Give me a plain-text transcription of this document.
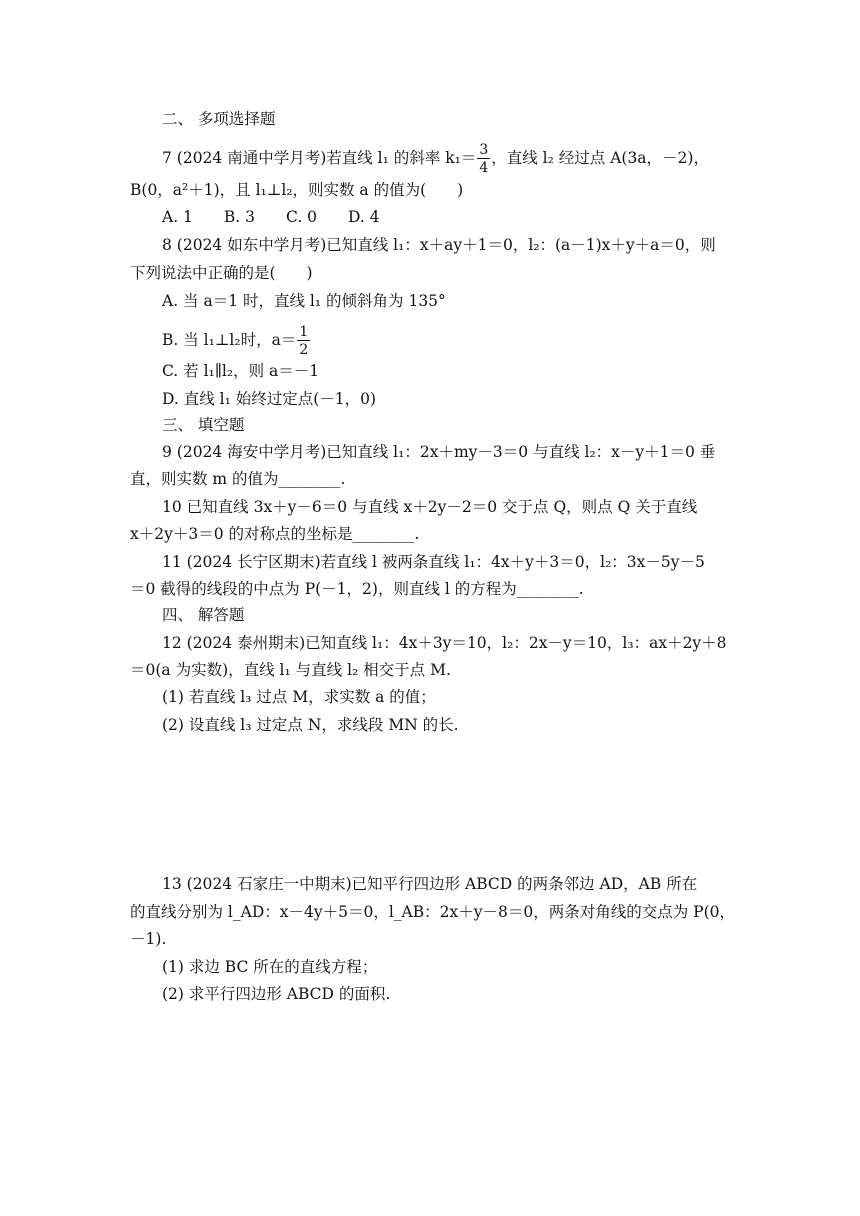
二、 多项选择题
7 (2024 南通中学月考)若直线 l₁ 的斜率 $k_1= \frac{3}{4}$ ，直线 l₂ 经过点 A(3a，－2)，
B(0，a²＋1)，且 l₁⊥l₂，则实数 a 的值为(　　)
A. 1　　B. 3　　C. 0　　D. 4
8 (2024 如东中学月考)已知直线 l₁：x＋ay＋1＝0，l₂：(a－1)x＋y＋a＝0，则
下列说法中正确的是(　　)
A. 当 a＝1 时，直线 l₁ 的倾斜角为 135°
B. 当 l₁⊥l₂时，$a= \frac{1}{2}$
C. 若 l₁∥l₂，则 a＝－1
D. 直线 l₁ 始终过定点(－1，0)
三、 填空题
9 (2024 海安中学月考)已知直线 l₁：2x＋my－3＝0 与直线 l₂：x－y＋1＝0 垂
直，则实数 m 的值为________.
10 已知直线 3x＋y－6＝0 与直线 x＋2y－2＝0 交于点 Q，则点 Q 关于直线
x＋2y＋3＝0 的对称点的坐标是________.
11 (2024 长宁区期末)若直线 l 被两条直线 l₁：4x＋y＋3＝0，l₂：3x－5y－5
＝0 截得的线段的中点为 P(－1，2)，则直线 l 的方程为________.
四、 解答题
12 (2024 泰州期末)已知直线 l₁：4x＋3y＝10，l₂：2x－y＝10，l₃：ax＋2y＋8
＝0(a 为实数)，直线 l₁ 与直线 l₂ 相交于点 M.
(1) 若直线 l₃ 过点 M，求实数 a 的值；
(2) 设直线 l₃ 过定点 N，求线段 MN 的长.
13 (2024 石家庄一中期末)已知平行四边形 ABCD 的两条邻边 AD，AB 所在
的直线分别为 l_AD：x－4y＋5＝0，l_AB：2x＋y－8＝0，两条对角线的交点为 P(0，
－1).
(1) 求边 BC 所在的直线方程；
(2) 求平行四边形 ABCD 的面积.
